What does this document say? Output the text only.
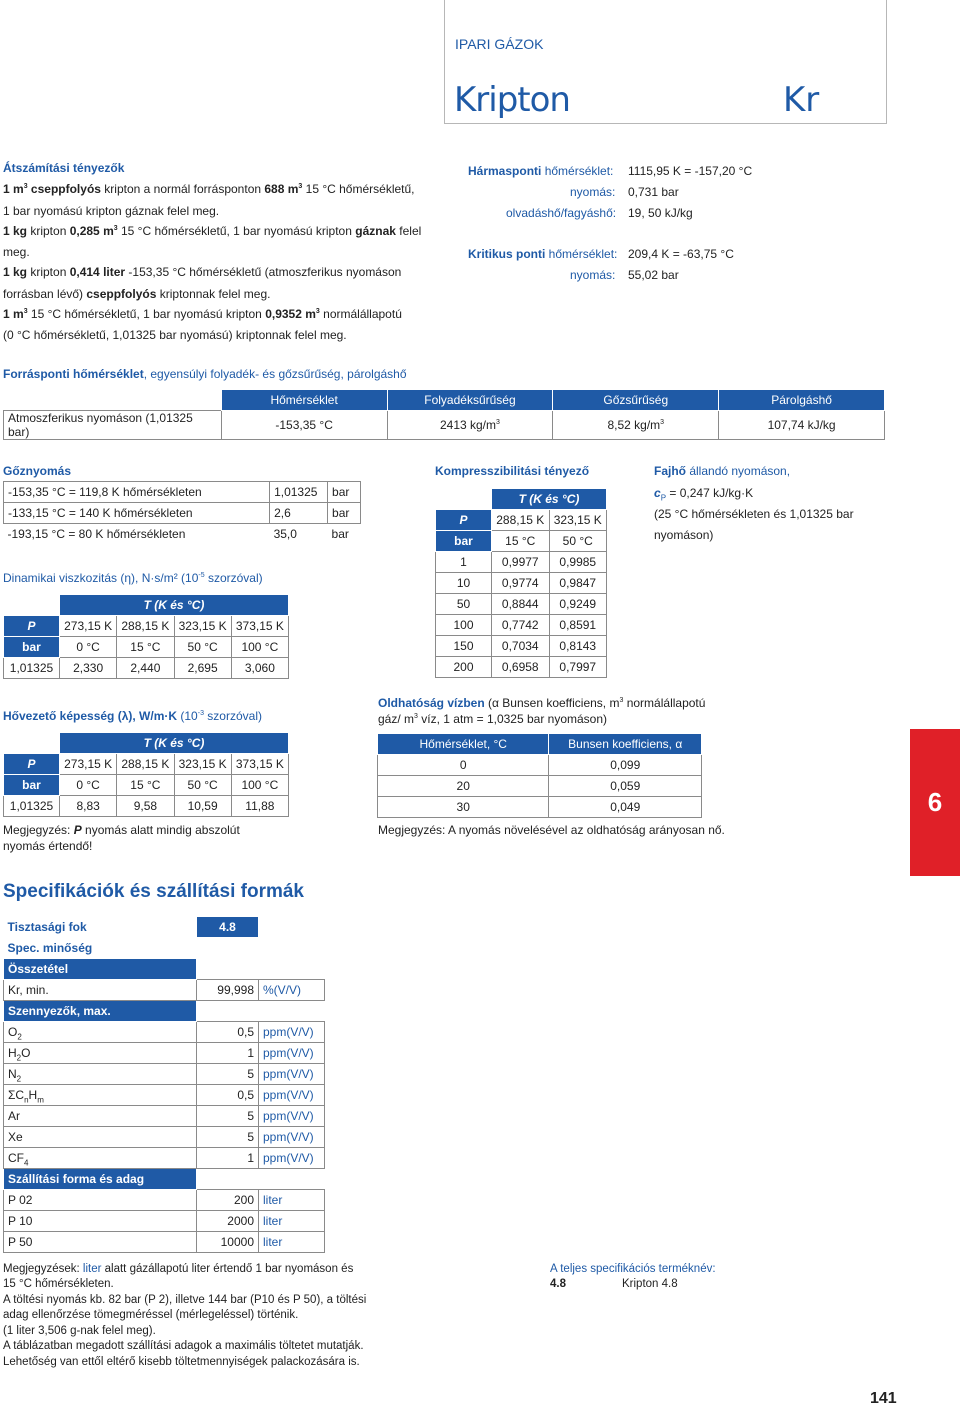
IPARI GÁZOK
Kripton	Kr

Átszámítási tényezők

1 $m^3$ cseppfolyós kripton a normál forrásponton 688 $m^3$ 15 °C hőmérsékletű,

1 bar nyomású kripton gáznak felel meg.

1 kg kripton 0,285 $m^3$ 15 °C hőmérsékletű, 1 bar nyomású kripton gáznak felel

meg.

1 kg kripton 0,414 liter -153,35 °C hőmérsékletű (atmoszferikus nyomáson

forrásban lévő) cseppfolyós kriptonnak felel meg.

1 $m^3$ 15 °C hőmérsékletű, 1 bar nyomású kripton 0,9352 $m^3$ normálállapotú

(0 °C hőmérsékletű, 1,01325 bar nyomású) kriptonnak felel meg.

Hármasponti hőmérséklet: 1115,95 K = -157,20 °C

nyomás: 0,731 bar

olvadáshő/fagyáshő: 19, 50 kJ/kg

Kritikus ponti hőmérséklet: 209,4 K = -63,75 °C

nyomás: 55,02 bar

Forrásponti hőmérséklet, egyensúlyi folyadék- és gőzsűrűség, párolgáshő

	Hőmérséklet	Folyadéksűrűség	Gőzsűrűség	Párolgáshő
Atmoszferikus nyomáson (1,01325 bar)	-153,35 °C	2413 $kg/m^3$	8,52 $kg/m^3$	107,74 kJ/kg

Gőznyomás

-153,35 °C = 119,8 K hőmérsékleten	1,01325	bar
-133,15 °C = 140 K hőmérsékleten	2,6	bar
-193,15 °C = 80 K hőmérsékleten	35,0	bar

Dinamikai viszkozitás (η), N·s/m² ($10^{-5}$ szorzóval)

	T (K és °C)			
P	273,15 K	288,15 K	323,15 K	373,15 K
bar	0 °C	15 °C	50 °C	100 °C
1,01325	2,330	2,440	2,695	3,060

Kompresszibilitási tényező

	T (K és °C)	
P	288,15 K	323,15 K
bar	15 °C	50 °C
1	0,9977	0,9985
10	0,9774	0,9847
50	0,8844	0,9249
100	0,7742	0,8591
150	0,7034	0,8143
200	0,6958	0,7997

Fajhő állandó nyomáson,

$c_P = 0,247$ kJ/kg·K

(25 °C hőmérsékleten és 1,01325 bar

nyomáson)

Hővezető képesség (λ), W/m·K ($10^{-3}$ szorzóval)

	T (K és °C)			
P	273,15 K	288,15 K	323,15 K	373,15 K
bar	0 °C	15 °C	50 °C	100 °C
1,01325	8,83	9,58	10,59	11,88

Megjegyzés: P nyomás alatt mindig abszolút

nyomás értendő!

Oldhatóság vízben (α Bunsen koefficiens, $m^3$ normálállapotú

gáz/ $m^3$ víz, 1 atm = 1,0325 bar nyomáson)

Hőmérséklet, °C	Bunsen koefficiens, α
0	0,099
20	0,059
30	0,049

Megjegyzés: A nyomás növelésével az oldhatóság arányosan nő.

6
Specifikációk és szállítási formák
Tisztasági fok	4.8	
Spec. minőség		
Összetétel		
Kr, min.	99,998	%(V/V)
Szennyezők, max.		
$O_2$	0,5	ppm(V/V)
$H_2O$	1	ppm(V/V)
$N_2$	5	ppm(V/V)
$\Sigma C_nH_m$	0,5	ppm(V/V)
Ar	5	ppm(V/V)
Xe	5	ppm(V/V)
$CF_4$	1	ppm(V/V)
Szállítási forma és adag		
P 02	200	liter
P 10	2000	liter
P 50	10000	liter

Megjegyzések: liter alatt gázállapotú liter értendő 1 bar nyomáson és

15 °C hőmérsékleten.

A töltési nyomás kb. 82 bar (P 2), illetve 144 bar (P10 és P 50), a töltési

adag ellenőrzése tömegméréssel (mérlegeléssel) történik.

(1 liter 3,506 g-nak felel meg).

A táblázatban megadott szállítási adagok a maximális töltetet mutatják.

Lehetőség van ettől eltérő kisebb töltetmennyiségek palackozására is.

A teljes specifikációs terméknév:

4.8	Kripton 4.8

141
